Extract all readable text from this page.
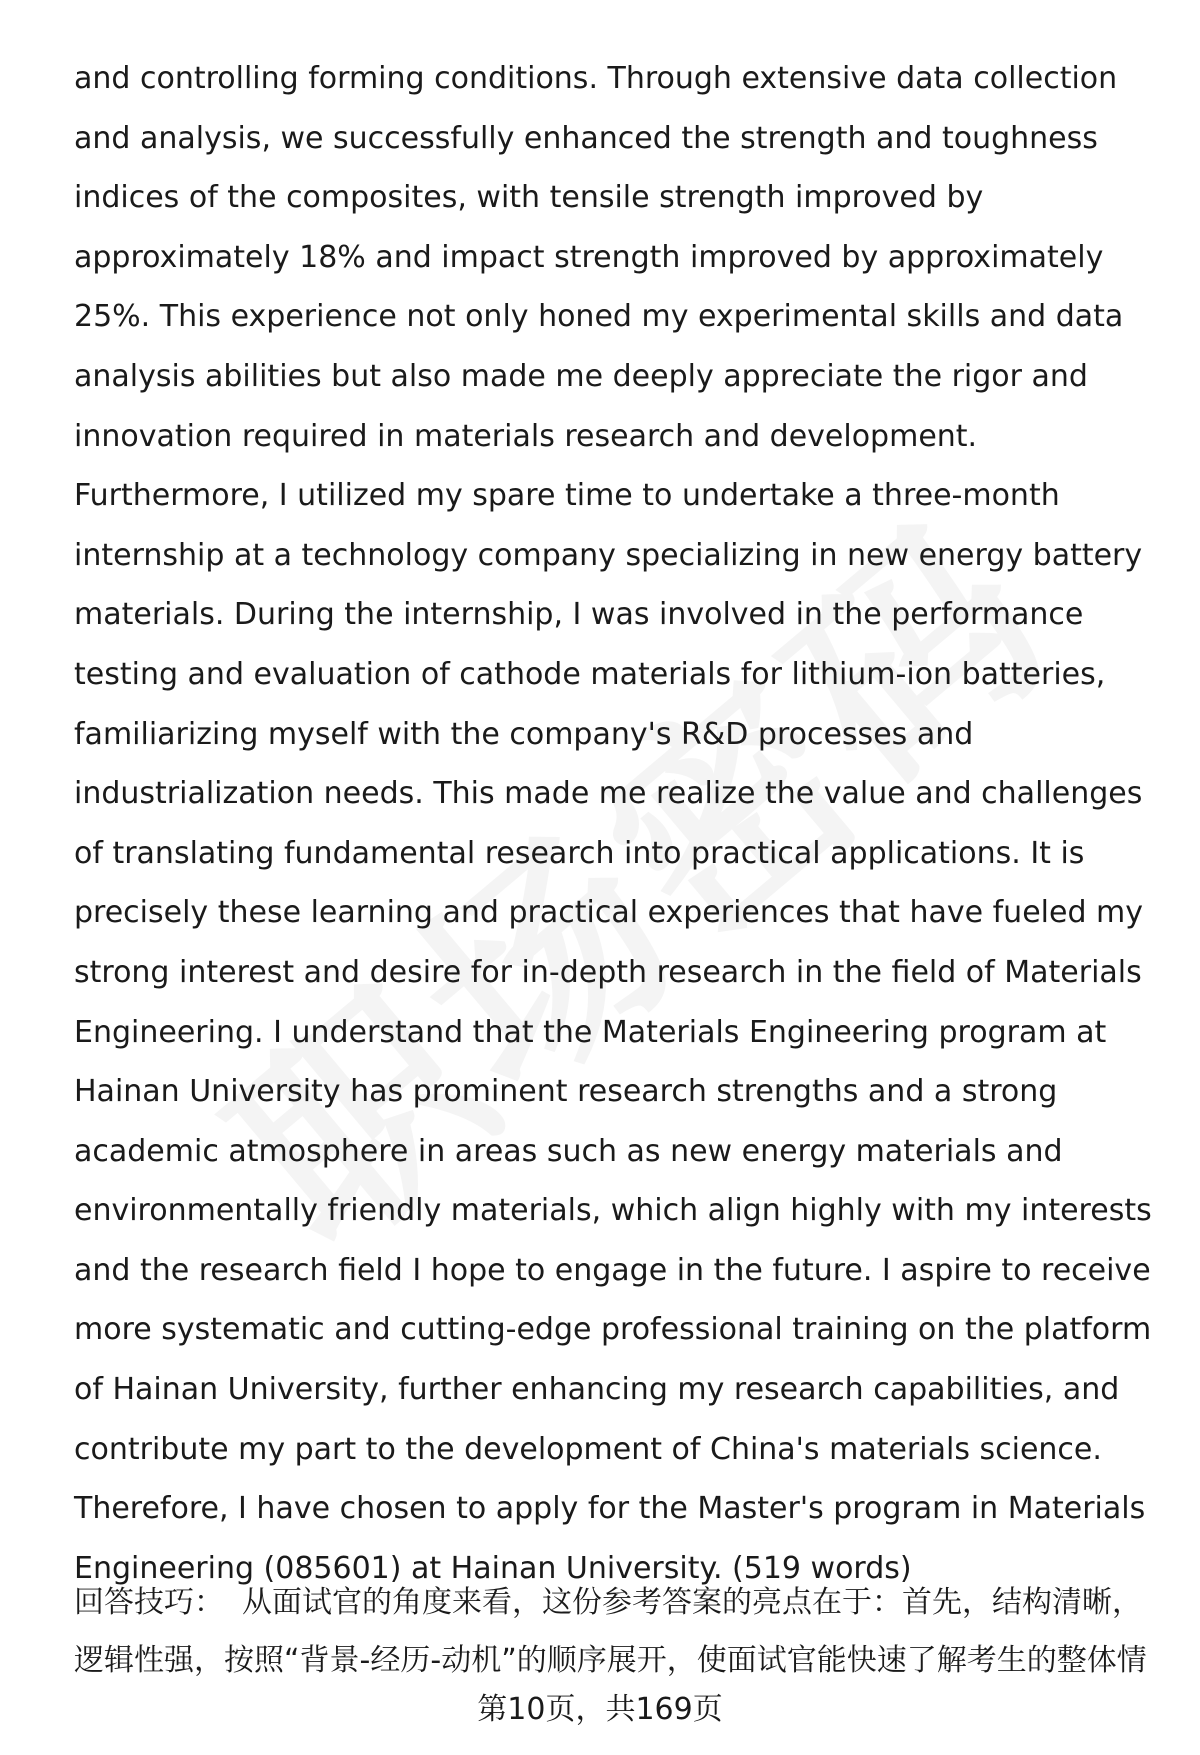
and controlling forming conditions. Through extensive data collection and analysis, we successfully enhanced the strength and toughness indices of the composites, with tensile strength improved by approximately 18% and impact strength improved by approximately 25%. This experience not only honed my experimental skills and data analysis abilities but also made me deeply appreciate the rigor and innovation required in materials research and development. Furthermore, I utilized my spare time to undertake a three-month internship at a technology company specializing in new energy battery materials. During the internship, I was involved in the performance testing and evaluation of cathode materials for lithium-ion batteries, familiarizing myself with the company's R&D processes and industrialization needs. This made me realize the value and challenges of translating fundamental research into practical applications. It is precisely these learning and practical experiences that have fueled my strong interest and desire for in-depth research in the field of Materials Engineering. I understand that the Materials Engineering program at Hainan University has prominent research strengths and a strong academic atmosphere in areas such as new energy materials and environmentally friendly materials, which align highly with my interests and the research field I hope to engage in the future. I aspire to receive more systematic and cutting-edge professional training on the platform of Hainan University, further enhancing my research capabilities, and contribute my part to the development of China's materials science. Therefore, I have chosen to apply for the Master's program in Materials Engineering (085601) at Hainan University. (519 words)

回答技巧： 从面试官的角度来看，这份参考答案的亮点在于：首先，结构清晰，逻辑性强，按照“背景-经历-动机”的顺序展开，使面试官能快速了解考生的整体情

第10页，共169页
